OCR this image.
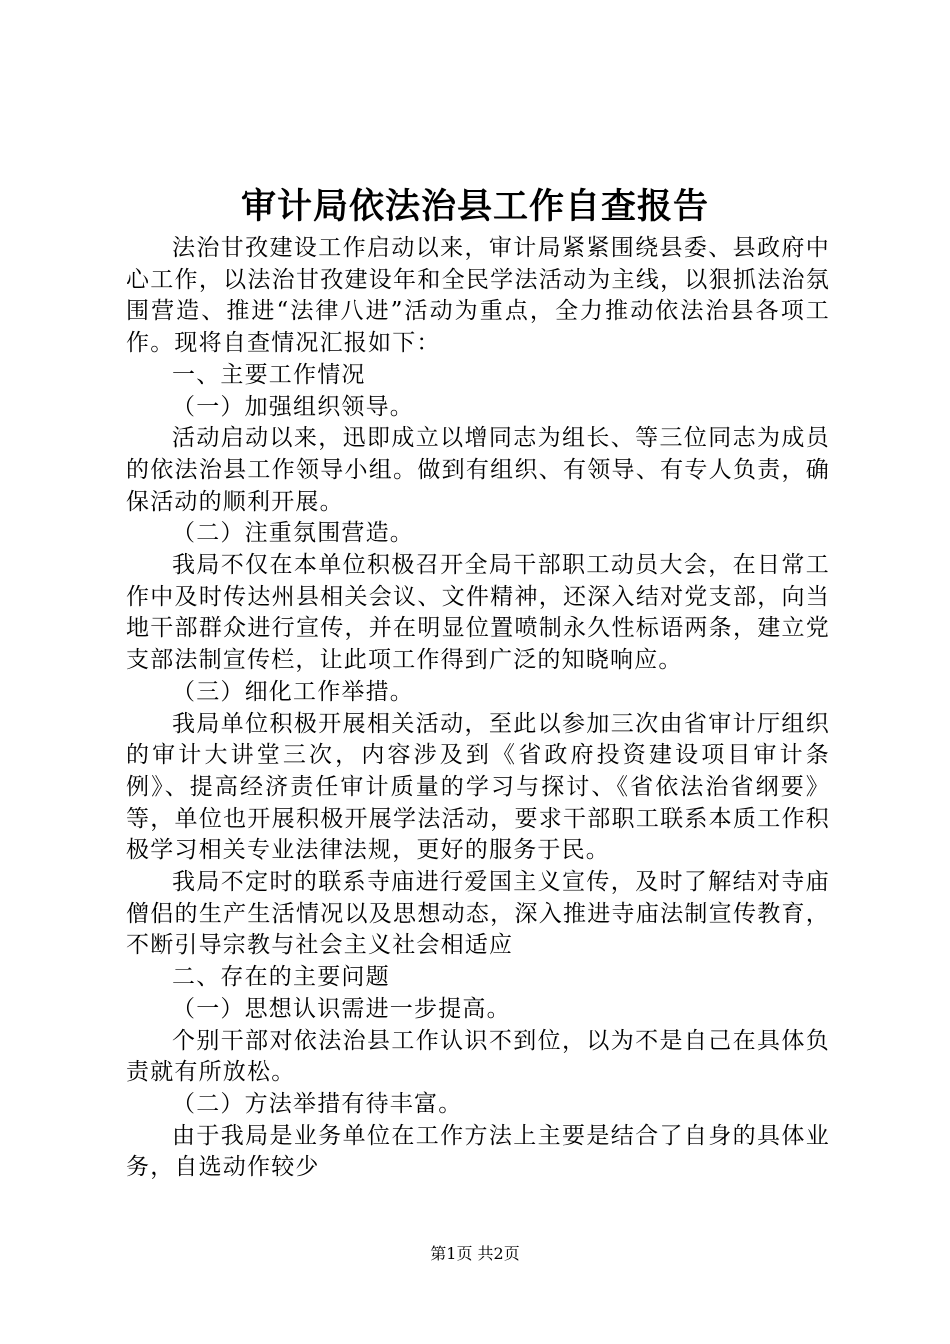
审计局依法治县工作自查报告

法治甘孜建设工作启动以来，审计局紧紧围绕县委、县政府中心工作，以法治甘孜建设年和全民学法活动为主线，以狠抓法治氛围营造、推进“法律八进”活动为重点，全力推动依法治县各项工作。现将自查情况汇报如下：

一、主要工作情况

（一）加强组织领导。

活动启动以来，迅即成立以增同志为组长、等三位同志为成员的依法治县工作领导小组。做到有组织、有领导、有专人负责，确保活动的顺利开展。

（二）注重氛围营造。

我局不仅在本单位积极召开全局干部职工动员大会，在日常工作中及时传达州县相关会议、文件精神，还深入结对党支部，向当地干部群众进行宣传，并在明显位置喷制永久性标语两条，建立党支部法制宣传栏，让此项工作得到广泛的知晓响应。

（三）细化工作举措。

我局单位积极开展相关活动，至此以参加三次由省审计厅组织的审计大讲堂三次，内容涉及到《省政府投资建设项目审计条例》、提高经济责任审计质量的学习与探讨、《省依法治省纲要》等，单位也开展积极开展学法活动，要求干部职工联系本质工作积极学习相关专业法律法规，更好的服务于民。

我局不定时的联系寺庙进行爱国主义宣传，及时了解结对寺庙僧侣的生产生活情况以及思想动态，深入推进寺庙法制宣传教育，不断引导宗教与社会主义社会相适应

二、存在的主要问题

（一）思想认识需进一步提高。

个别干部对依法治县工作认识不到位，以为不是自己在具体负责就有所放松。

（二）方法举措有待丰富。

由于我局是业务单位在工作方法上主要是结合了自身的具体业务，自选动作较少

第1页 共2页
